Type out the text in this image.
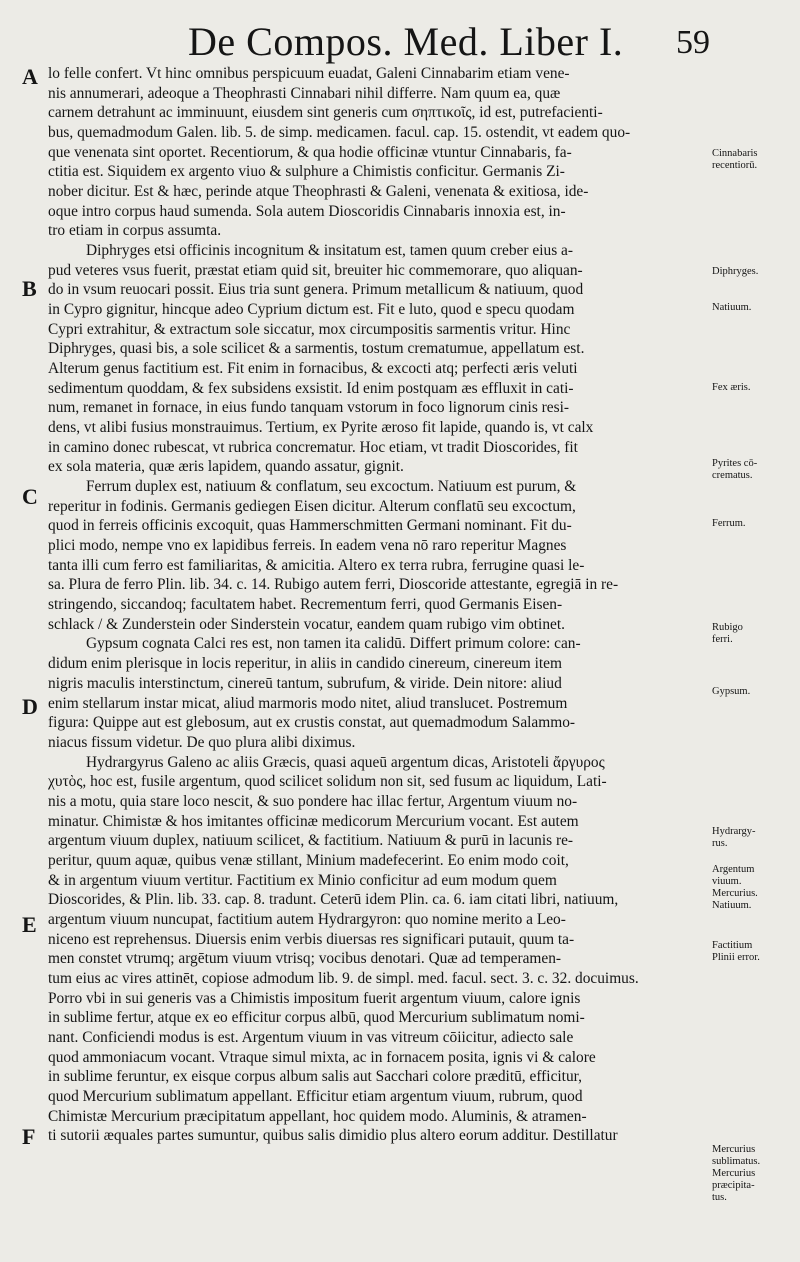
De Compos. Med. Liber I. 59
A
B
C
D
E
F
lo felle confert. Vt hinc omnibus perspicuum euadat, Galeni Cinnabarim etiam vene-
nis annumerari, adeoque a Theophrasti Cinnabari nihil differre. Nam quum ea, quæ
carnem detrahunt ac imminuunt, eiusdem sint generis cum σηπτικοῖς, id est, putrefacienti-
bus, quemadmodum Galen. lib. 5. de simp. medicamen. facul. cap. 15. ostendit, vt eadem quo-
que venenata sint oportet. Recentiorum, & qua hodie officinæ vtuntur Cinnabaris, fa-
ctitia est. Siquidem ex argento viuo & sulphure a Chimistis conficitur. Germanis Zi-
nober dicitur. Est & hæc, perinde atque Theophrasti & Galeni, venenata & exitiosa, ide-
oque intro corpus haud sumenda. Sola autem Dioscoridis Cinnabaris innoxia est, in-
tro etiam in corpus assumta.
Diphryges etsi officinis incognitum & insitatum est, tamen quum creber eius a-
pud veteres vsus fuerit, præstat etiam quid sit, breuiter hic commemorare, quo aliquan-
do in vsum reuocari possit. Eius tria sunt genera. Primum metallicum & natiuum, quod
in Cypro gignitur, hincque adeo Cyprium dictum est. Fit e luto, quod e specu quodam
Cypri extrahitur, & extractum sole siccatur, mox circumpositis sarmentis vritur. Hinc
Diphryges, quasi bis, a sole scilicet & a sarmentis, tostum crematumue, appellatum est.
Alterum genus factitium est. Fit enim in fornacibus, & excocti atq; perfecti æris veluti
sedimentum quoddam, & fex subsidens exsistit. Id enim postquam æs effluxit in cati-
num, remanet in fornace, in eius fundo tanquam vstorum in foco lignorum cinis resi-
dens, vt alibi fusius monstrauimus. Tertium, ex Pyrite æroso fit lapide, quando is, vt calx
in camino donec rubescat, vt rubrica concrematur. Hoc etiam, vt tradit Dioscorides, fit
ex sola materia, quæ æris lapidem, quando assatur, gignit.
Ferrum duplex est, natiuum & conflatum, seu excoctum. Natiuum est purum, &
reperitur in fodinis. Germanis gediegen Eisen dicitur. Alterum conflatū seu excoctum,
quod in ferreis officinis excoquit, quas Hammerschmitten Germani nominant. Fit du-
plici modo, nempe vno ex lapidibus ferreis. In eadem vena nō raro reperitur Magnes
tanta illi cum ferro est familiaritas, & amicitia. Altero ex terra rubra, ferrugine quasi le-
sa. Plura de ferro Plin. lib. 34. c. 14. Rubigo autem ferri, Dioscoride attestante, egregiā in re-
stringendo, siccandoq; facultatem habet. Recrementum ferri, quod Germanis Eisen-
schlack / & Zunderstein oder Sinderstein vocatur, eandem quam rubigo vim obtinet.
Gypsum cognata Calci res est, non tamen ita calidū. Differt primum colore: can-
didum enim plerisque in locis reperitur, in aliis in candido cinereum, cinereum item
nigris maculis interstinctum, cinereū tantum, subrufum, & viride. Dein nitore: aliud
enim stellarum instar micat, aliud marmoris modo nitet, aliud translucet. Postremum
figura: Quippe aut est glebosum, aut ex crustis constat, aut quemadmodum Salammo-
niacus fissum videtur. De quo plura alibi diximus.
Hydrargyrus Galeno ac aliis Græcis, quasi aqueū argentum dicas, Aristoteli ἄργυρος
χυτὸς, hoc est, fusile argentum, quod scilicet solidum non sit, sed fusum ac liquidum, Lati-
nis a motu, quia stare loco nescit, & suo pondere hac illac fertur, Argentum viuum no-
minatur. Chimistæ & hos imitantes officinæ medicorum Mercurium vocant. Est autem
argentum viuum duplex, natiuum scilicet, & factitium. Natiuum & purū in lacunis re-
peritur, quum aquæ, quibus venæ stillant, Minium madefecerint. Eo enim modo coit,
& in argentum viuum vertitur. Factitium ex Minio conficitur ad eum modum quem
Dioscorides, & Plin. lib. 33. cap. 8. tradunt. Ceterū idem Plin. ca. 6. iam citati libri, natiuum,
argentum viuum nuncupat, factitium autem Hydrargyron: quo nomine merito a Leo-
niceno est reprehensus. Diuersis enim verbis diuersas res significari putauit, quum ta-
men constet vtrumq; argētum viuum vtrisq; vocibus denotari. Quæ ad temperamen-
tum eius ac vires attinēt, copiose admodum lib. 9. de simpl. med. facul. sect. 3. c. 32. docuimus.
Porro vbi in sui generis vas a Chimistis impositum fuerit argentum viuum, calore ignis
in sublime fertur, atque ex eo efficitur corpus albū, quod Mercurium sublimatum nomi-
nant. Conficiendi modus is est. Argentum viuum in vas vitreum cōiicitur, adiecto sale
quod ammoniacum vocant. Vtraque simul mixta, ac in fornacem posita, ignis vi & calore
in sublime feruntur, ex eisque corpus album salis aut Sacchari colore præditū, efficitur,
quod Mercurium sublimatum appellant. Efficitur etiam argentum viuum, rubrum, quod
Chimistæ Mercurium præcipitatum appellant, hoc quidem modo. Aluminis, & atramen-
ti sutorii æquales partes sumuntur, quibus salis dimidio plus altero eorum additur. Destillatur
Cinnabaris recentiorū.
Diphryges.
Natiuum.
Fex æris.
Pyrites cō-
crematus.
Ferrum.
Rubigo
ferri.
Gypsum.
Hydrargy-
rus.
Argentum
viuum.
Mercurius.
Natiuum.
Factitium
Plinii error.
Mercurius
sublimatus.
Mercurius
præcipita-
tus.
